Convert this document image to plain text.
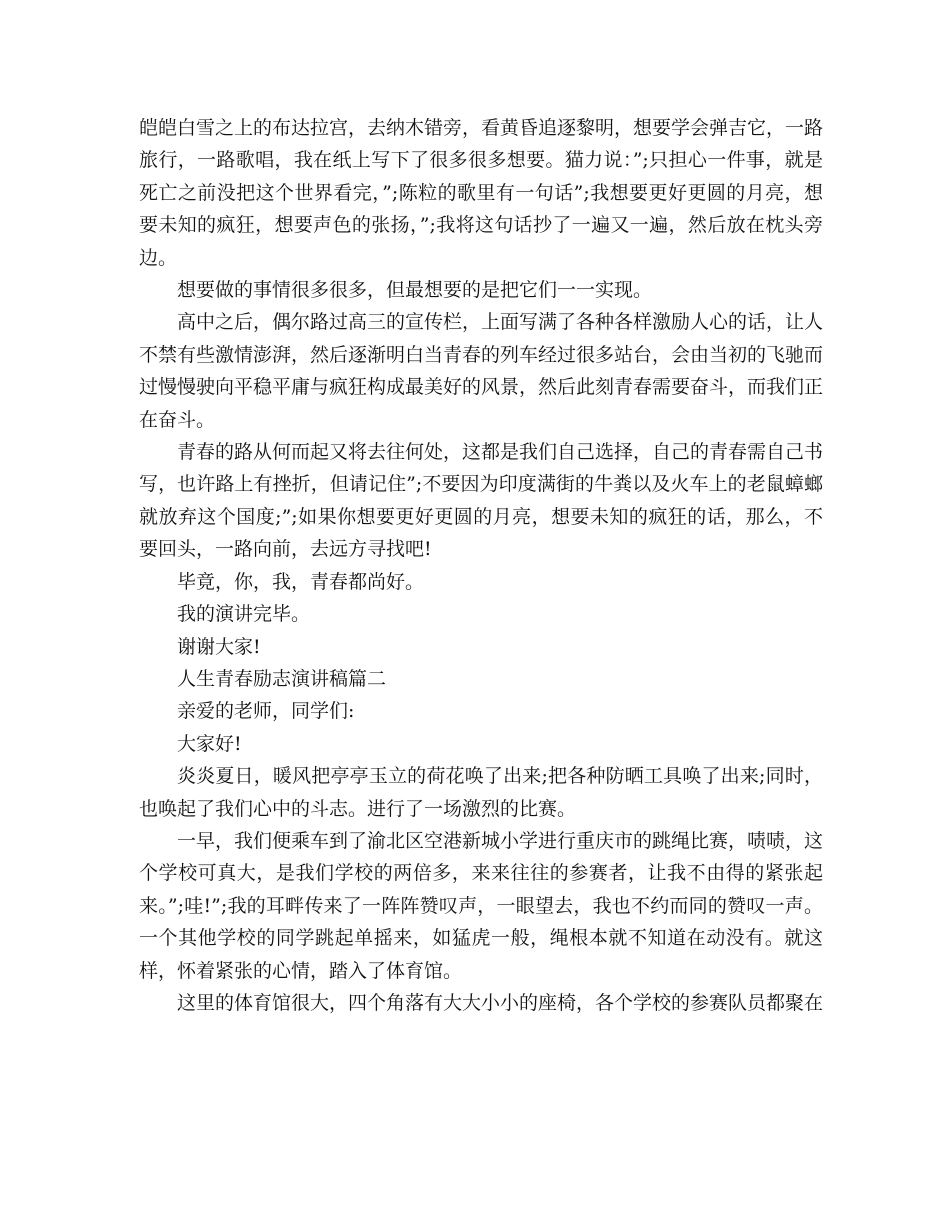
皑皑白雪之上的布达拉宫，去纳木错旁，看黄昏追逐黎明，想要学会弹吉它，一路旅行，一路歌唱，我在纸上写下了很多很多想要。猫力说：”;只担心一件事，就是死亡之前没把这个世界看完，”;陈粒的歌里有一句话”;我想要更好更圆的月亮，想要未知的疯狂，想要声色的张扬，”;我将这句话抄了一遍又一遍，然后放在枕头旁边。

想要做的事情很多很多，但最想要的是把它们一一实现。

高中之后，偶尔路过高三的宣传栏，上面写满了各种各样激励人心的话，让人不禁有些激情澎湃，然后逐渐明白当青春的列车经过很多站台，会由当初的飞驰而过慢慢驶向平稳平庸与疯狂构成最美好的风景，然后此刻青春需要奋斗，而我们正在奋斗。

青春的路从何而起又将去往何处，这都是我们自己选择，自己的青春需自己书写，也许路上有挫折，但请记住”;不要因为印度满街的牛粪以及火车上的老鼠蟑螂就放弃这个国度;”;如果你想要更好更圆的月亮，想要未知的疯狂的话，那么，不要回头，一路向前，去远方寻找吧!

毕竟，你，我，青春都尚好。

我的演讲完毕。

谢谢大家!

人生青春励志演讲稿篇二

亲爱的老师，同学们:

大家好!

炎炎夏日，暖风把亭亭玉立的荷花唤了出来;把各种防晒工具唤了出来;同时，也唤起了我们心中的斗志。进行了一场激烈的比赛。

一早，我们便乘车到了渝北区空港新城小学进行重庆市的跳绳比赛，啧啧，这个学校可真大，是我们学校的两倍多，来来往往的参赛者，让我不由得的紧张起来。”;哇!”;我的耳畔传来了一阵阵赞叹声，一眼望去，我也不约而同的赞叹一声。一个其他学校的同学跳起单摇来，如猛虎一般，绳根本就不知道在动没有。就这样，怀着紧张的心情，踏入了体育馆。

这里的体育馆很大，四个角落有大大小小的座椅，各个学校的参赛队员都聚在
